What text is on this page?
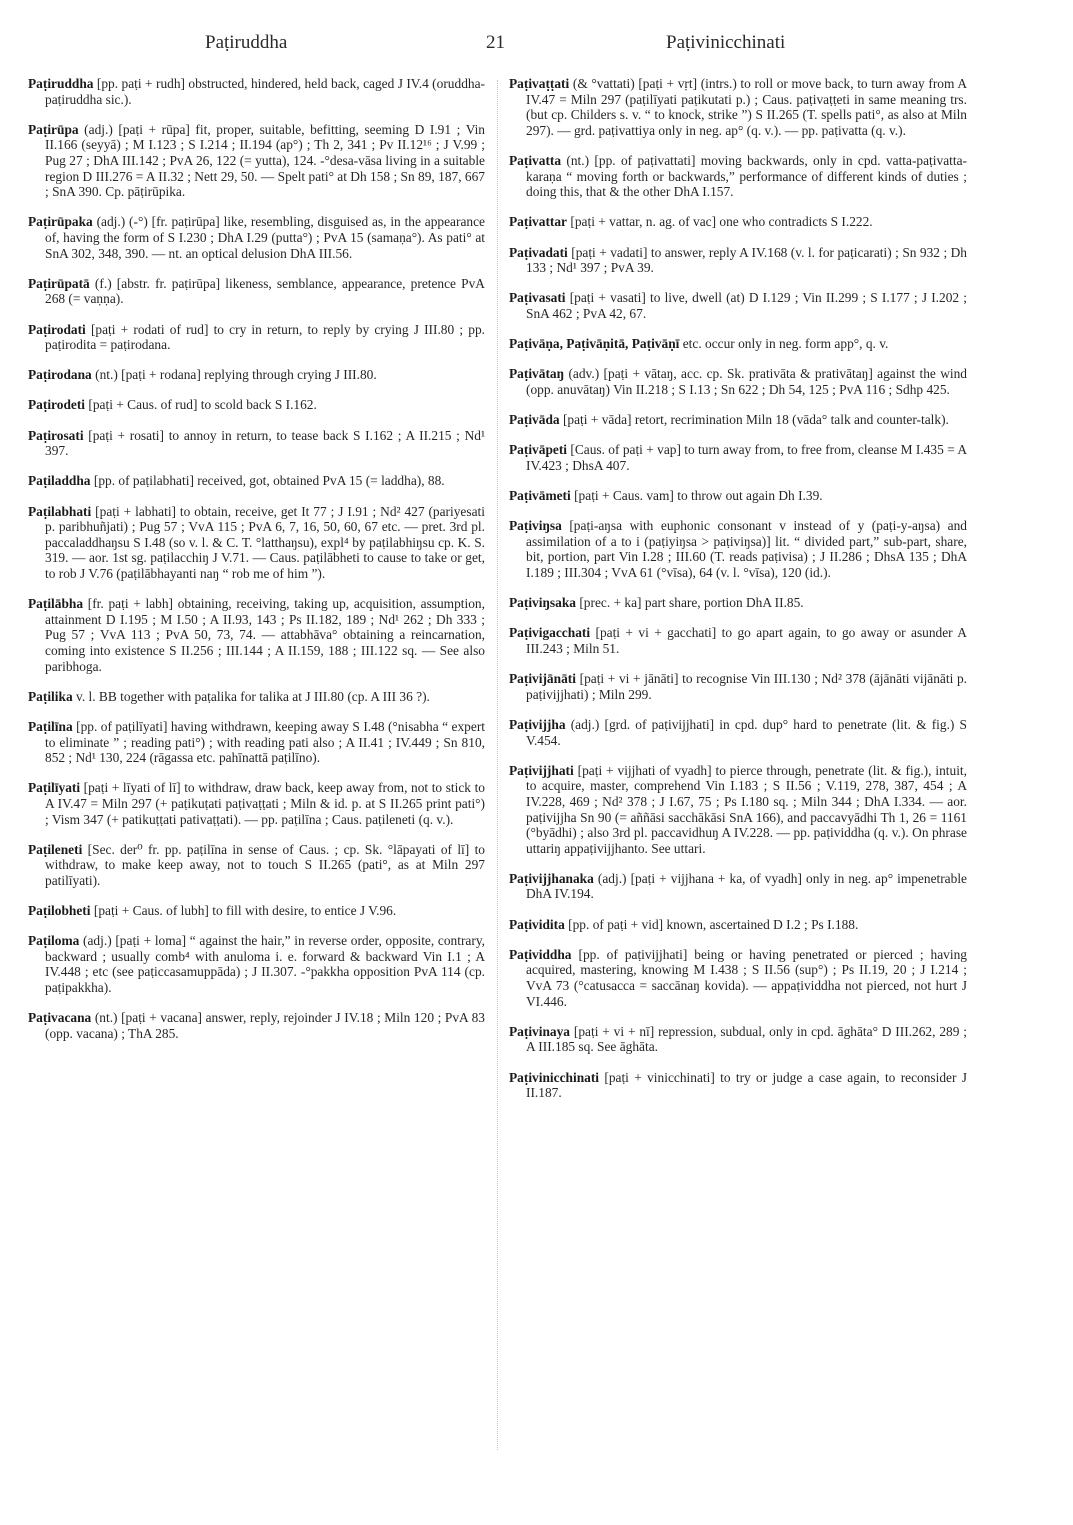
Paṭiruddha	21	Paṭivinicchinati

Paṭiruddha [pp. paṭi + rudh] obstructed, hindered, held back, caged J IV.4 (oruddha-paṭiruddha sic.).

Paṭirūpa (adj.) [paṭi + rūpa] fit, proper, suitable, befitting, seeming D I.91 ; Vin II.166 (seyyā) ; M I.123 ; S I.214 ; II.194 (ap°) ; Th 2, 341 ; Pv II.12¹⁶ ; J V.99 ; Pug 27 ; DhA III.142 ; PvA 26, 122 (= yutta), 124. -°desa-vāsa living in a suitable region D III.276 = A II.32 ; Nett 29, 50. — Spelt pati° at Dh 158 ; Sn 89, 187, 667 ; SnA 390. Cp. pāṭirūpika.

Paṭirūpaka (adj.) (-°) [fr. paṭirūpa] like, resembling, disguised as, in the appearance of, having the form of S I.230 ; DhA I.29 (putta°) ; PvA 15 (samaṇa°). As pati° at SnA 302, 348, 390. — nt. an optical delusion DhA III.56.

Paṭirūpatā (f.) [abstr. fr. paṭirūpa] likeness, semblance, appearance, pretence PvA 268 (= vaṇṇa).

Paṭirodati [paṭi + rodati of rud] to cry in return, to reply by crying J III.80 ; pp. paṭirodita = paṭirodana.

Paṭirodana (nt.) [paṭi + rodana] replying through crying J III.80.

Paṭirodeti [paṭi + Caus. of rud] to scold back S I.162.

Paṭirosati [paṭi + rosati] to annoy in return, to tease back S I.162 ; A II.215 ; Nd¹ 397.

Paṭiladdha [pp. of paṭilabhati] received, got, obtained PvA 15 (= laddha), 88.

Paṭilabhati [paṭi + labhati] to obtain, receive, get It 77 ; J I.91 ; Nd² 427 (pariyesati p. paribhuñjati) ; Pug 57 ; VvA 115 ; PvA 6, 7, 16, 50, 60, 67 etc. — pret. 3rd pl. paccaladdhaŋsu S I.48 (so v. l. & C. T. °latthaŋsu), expl⁴ by paṭilabhiŋsu cp. K. S. 319. — aor. 1st sg. paṭilacchiŋ J V.71. — Caus. paṭilābheti to cause to take or get, to rob J V.76 (paṭilābhayanti naŋ “ rob me of him ”).

Paṭilābha [fr. paṭi + labh] obtaining, receiving, taking up, acquisition, assumption, attainment D I.195 ; M I.50 ; A II.93, 143 ; Ps II.182, 189 ; Nd¹ 262 ; Dh 333 ; Pug 57 ; VvA 113 ; PvA 50, 73, 74. — attabhāva° obtaining a reincarnation, coming into existence S II.256 ; III.144 ; A II.159, 188 ; III.122 sq. — See also paribhoga.

Paṭilika v. l. BB together with paṭalika for talika at J III.80 (cp. A III 36 ?).

Paṭilīna [pp. of paṭilīyati] having withdrawn, keeping away S I.48 (°nisabha “ expert to eliminate ” ; reading pati°) ; with reading pati also ; A II.41 ; IV.449 ; Sn 810, 852 ; Nd¹ 130, 224 (rāgassa etc. pahīnattā paṭilīno).

Paṭilīyati [paṭi + līyati of lī] to withdraw, draw back, keep away from, not to stick to A IV.47 = Miln 297 (+ paṭikuṭati paṭivaṭṭati ; Miln & id. p. at S II.265 print pati°) ; Vism 347 (+ patikuṭṭati pativaṭṭati). — pp. paṭilīna ; Caus. paṭileneti (q. v.).

Paṭileneti [Sec. der⁰ fr. pp. paṭilīna in sense of Caus. ; cp. Sk. °lāpayati of lī] to withdraw, to make keep away, not to touch S II.265 (pati°, as at Miln 297 patilīyati).

Paṭilobheti [paṭi + Caus. of lubh] to fill with desire, to entice J V.96.

Paṭiloma (adj.) [paṭi + loma] “ against the hair,” in reverse order, opposite, contrary, backward ; usually comb⁴ with anuloma i. e. forward & backward Vin I.1 ; A IV.448 ; etc (see paṭiccasamuppāda) ; J II.307. -°pakkha opposition PvA 114 (cp. paṭipakkha).

Paṭivacana (nt.) [paṭi + vacana] answer, reply, rejoinder J IV.18 ; Miln 120 ; PvA 83 (opp. vacana) ; ThA 285.

Paṭivaṭṭati (& °vattati) [paṭi + vṛt] (intrs.) to roll or move back, to turn away from A IV.47 = Miln 297 (paṭilīyati paṭikutati p.) ; Caus. paṭivaṭṭeti in same meaning trs. (but cp. Childers s. v. “ to knock, strike ”) S II.265 (T. spells pati°, as also at Miln 297). — grd. paṭivattiya only in neg. ap° (q. v.). — pp. paṭivatta (q. v.).

Paṭivatta (nt.) [pp. of paṭivattati] moving backwards, only in cpd. vatta-paṭivatta-karaṇa “ moving forth or backwards,” performance of different kinds of duties ; doing this, that & the other DhA I.157.

Paṭivattar [paṭi + vattar, n. ag. of vac] one who contradicts S I.222.

Paṭivadati [paṭi + vadati] to answer, reply A IV.168 (v. l. for paṭicarati) ; Sn 932 ; Dh 133 ; Nd¹ 397 ; PvA 39.

Paṭivasati [paṭi + vasati] to live, dwell (at) D I.129 ; Vin II.299 ; S I.177 ; J I.202 ; SnA 462 ; PvA 42, 67.

Paṭivāṇa, Paṭivāṇitā, Paṭivāṇī etc. occur only in neg. form app°, q. v.

Paṭivātaŋ (adv.) [paṭi + vātaŋ, acc. cp. Sk. prativāta & prativātaŋ] against the wind (opp. anuvātaŋ) Vin II.218 ; S I.13 ; Sn 622 ; Dh 54, 125 ; PvA 116 ; Sdhp 425.

Paṭivāda [paṭi + vāda] retort, recrimination Miln 18 (vāda° talk and counter-talk).

Paṭivāpeti [Caus. of paṭi + vap] to turn away from, to free from, cleanse M I.435 = A IV.423 ; DhsA 407.

Paṭivāmeti [paṭi + Caus. vam] to throw out again Dh I.39.

Paṭiviŋsa [paṭi-aŋsa with euphonic consonant v instead of y (paṭi-y-aŋsa) and assimilation of a to i (paṭiyiŋsa > paṭiviŋsa)] lit. “ divided part,” sub-part, share, bit, portion, part Vin I.28 ; III.60 (T. reads paṭivisa) ; J II.286 ; DhsA 135 ; DhA I.189 ; III.304 ; VvA 61 (°vīsa), 64 (v. l. °vīsa), 120 (id.).

Paṭiviŋsaka [prec. + ka] part share, portion DhA II.85.

Paṭivigacchati [paṭi + vi + gacchati] to go apart again, to go away or asunder A III.243 ; Miln 51.

Paṭivijānāti [paṭi + vi + jānāti] to recognise Vin III.130 ; Nd² 378 (ājānāti vijānāti p. paṭivijjhati) ; Miln 299.

Paṭivijjha (adj.) [grd. of paṭivijjhati] in cpd. dup° hard to penetrate (lit. & fig.) S V.454.

Paṭivijjhati [paṭi + vijjhati of vyadh] to pierce through, penetrate (lit. & fig.), intuit, to acquire, master, comprehend Vin I.183 ; S II.56 ; V.119, 278, 387, 454 ; A IV.228, 469 ; Nd² 378 ; J I.67, 75 ; Ps I.180 sq. ; Miln 344 ; DhA I.334. — aor. paṭivijjha Sn 90 (= aññāsi sacchākāsi SnA 166), and paccavyādhi Th 1, 26 = 1161 (°byādhi) ; also 3rd pl. paccavidhuŋ A IV.228. — pp. paṭividdha (q. v.). On phrase uttariŋ appaṭivijjhanto. See uttari.

Paṭivijjhanaka (adj.) [paṭi + vijjhana + ka, of vyadh] only in neg. ap° impenetrable DhA IV.194.

Paṭividita [pp. of paṭi + vid] known, ascertained D I.2 ; Ps I.188.

Paṭividdha [pp. of paṭivijjhati] being or having penetrated or pierced ; having acquired, mastering, knowing M I.438 ; S II.56 (sup°) ; Ps II.19, 20 ; J I.214 ; VvA 73 (°catusacca = saccānaŋ kovida). — appaṭividdha not pierced, not hurt J VI.446.

Paṭivinaya [paṭi + vi + nī] repression, subdual, only in cpd. āghāta° D III.262, 289 ; A III.185 sq. See āghāta.

Paṭivinicchinati [paṭi + vinicchinati] to try or judge a case again, to reconsider J II.187.
